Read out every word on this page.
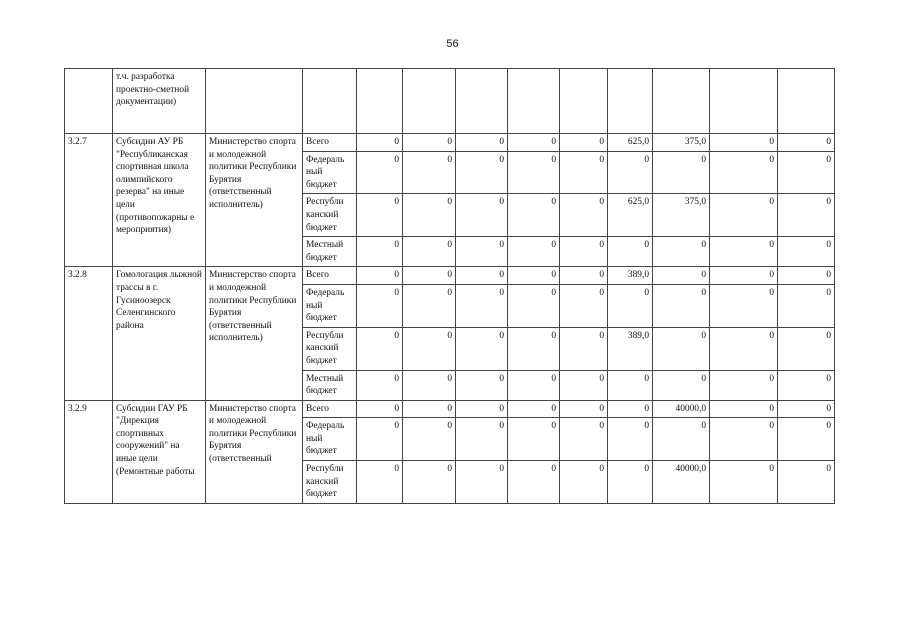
56
	т.ч. разработка проектно-сметной документации)											
3.2.7	Субсидии АУ РБ "Республиканская спортивная школа олимпийского резерва" на иные цели (противопожарны е мероприятия)	Министерство спорта и молодежной политики Республики Бурятия (ответственный исполнитель)	Всего	0	0	0	0	0	625,0	375,0	0	0
			Федераль ный бюджет	0	0	0	0	0	0	0	0	0
			Республи канский бюджет	0	0	0	0	0	625,0	375,0	0	0
			Местный бюджет	0	0	0	0	0	0	0	0	0
3.2.8	Гомологация лыжной трассы в г. Гусиноозерск Селенгинского района	Министерство спорта и молодежной политики Республики Бурятия (ответственный исполнитель)	Всего	0	0	0	0	0	389,0	0	0	0
			Федераль ный бюджет	0	0	0	0	0	0	0	0	0
			Республи канский бюджет	0	0	0	0	0	389,0	0	0	0
			Местный бюджет	0	0	0	0	0	0	0	0	0
3.2.9	Субсидии ГАУ РБ "Дирекция спортивных сооружений" на иные цели (Ремонтные работы	Министерство спорта и молодежной политики Республики Бурятия (ответственный	Всего	0	0	0	0	0	0	40000,0	0	0
			Федераль ный бюджет	0	0	0	0	0	0	0	0	0
			Республи канский бюджет	0	0	0	0	0	0	40000,0	0	0
